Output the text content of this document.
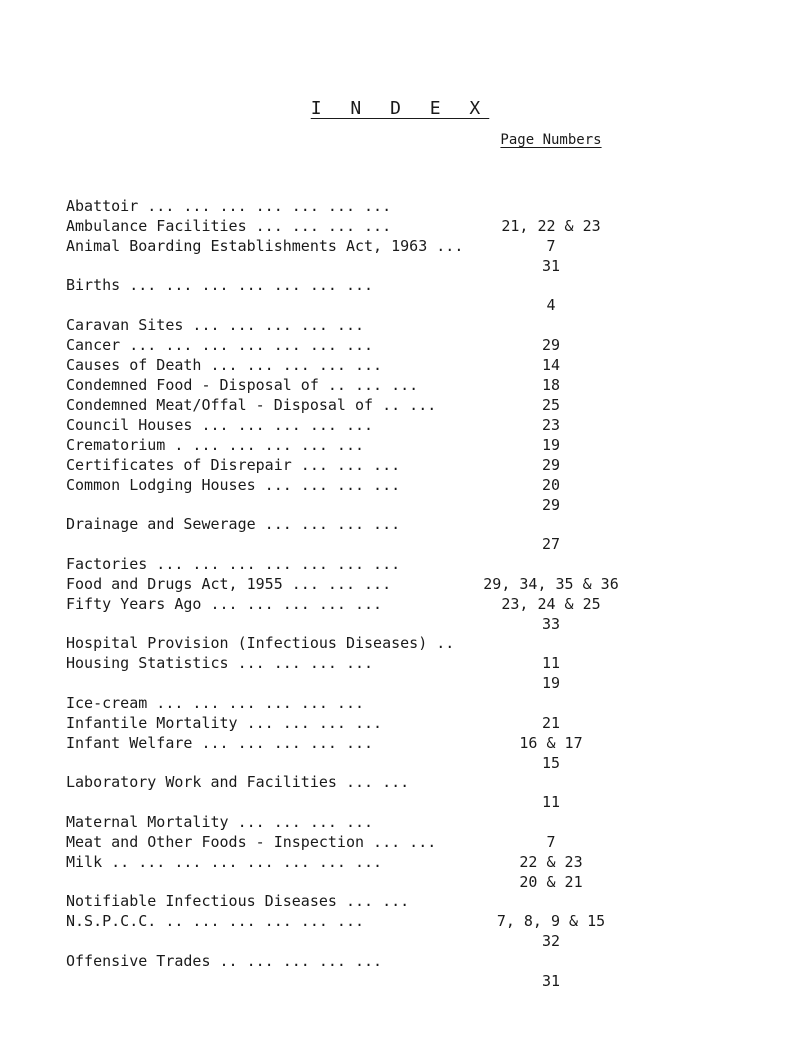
I N D E X
Page Numbers

Abattoir ... ... ... ... ... ... ...

21, 22 & 23

Ambulance Facilities ... ... ... ...

7

Animal Boarding Establishments Act, 1963 ...

31

Births ... ... ... ... ... ... ...

4

Caravan Sites ... ... ... ... ...

29

Cancer ... ... ... ... ... ... ...

14

Causes of Death ... ... ... ... ...

18

Condemned Food - Disposal of .. ... ...

25

Condemned Meat/Offal - Disposal of .. ...

23

Council Houses ... ... ... ... ...

19

Crematorium . ... ... ... ... ...

29

Certificates of Disrepair ... ... ...

20

Common Lodging Houses ... ... ... ...

29

Drainage and Sewerage ... ... ... ...

27

Factories ... ... ... ... ... ... ...

29, 34, 35 & 36

Food and Drugs Act, 1955 ... ... ...

23, 24 & 25

Fifty Years Ago ... ... ... ... ...

33

Hospital Provision (Infectious Diseases) ..

11

Housing Statistics ... ... ... ...

19

Ice-cream ... ... ... ... ... ...

21

Infantile Mortality ... ... ... ...

16 & 17

Infant Welfare ... ... ... ... ...

15

Laboratory Work and Facilities ... ...

11

Maternal Mortality ... ... ... ...

7

Meat and Other Foods - Inspection ... ...

22 & 23

Milk .. ... ... ... ... ... ... ...

20 & 21

Notifiable Infectious Diseases ... ...

7, 8, 9 & 15

N.S.P.C.C. .. ... ... ... ... ...

32

Offensive Trades .. ... ... ... ...

31
